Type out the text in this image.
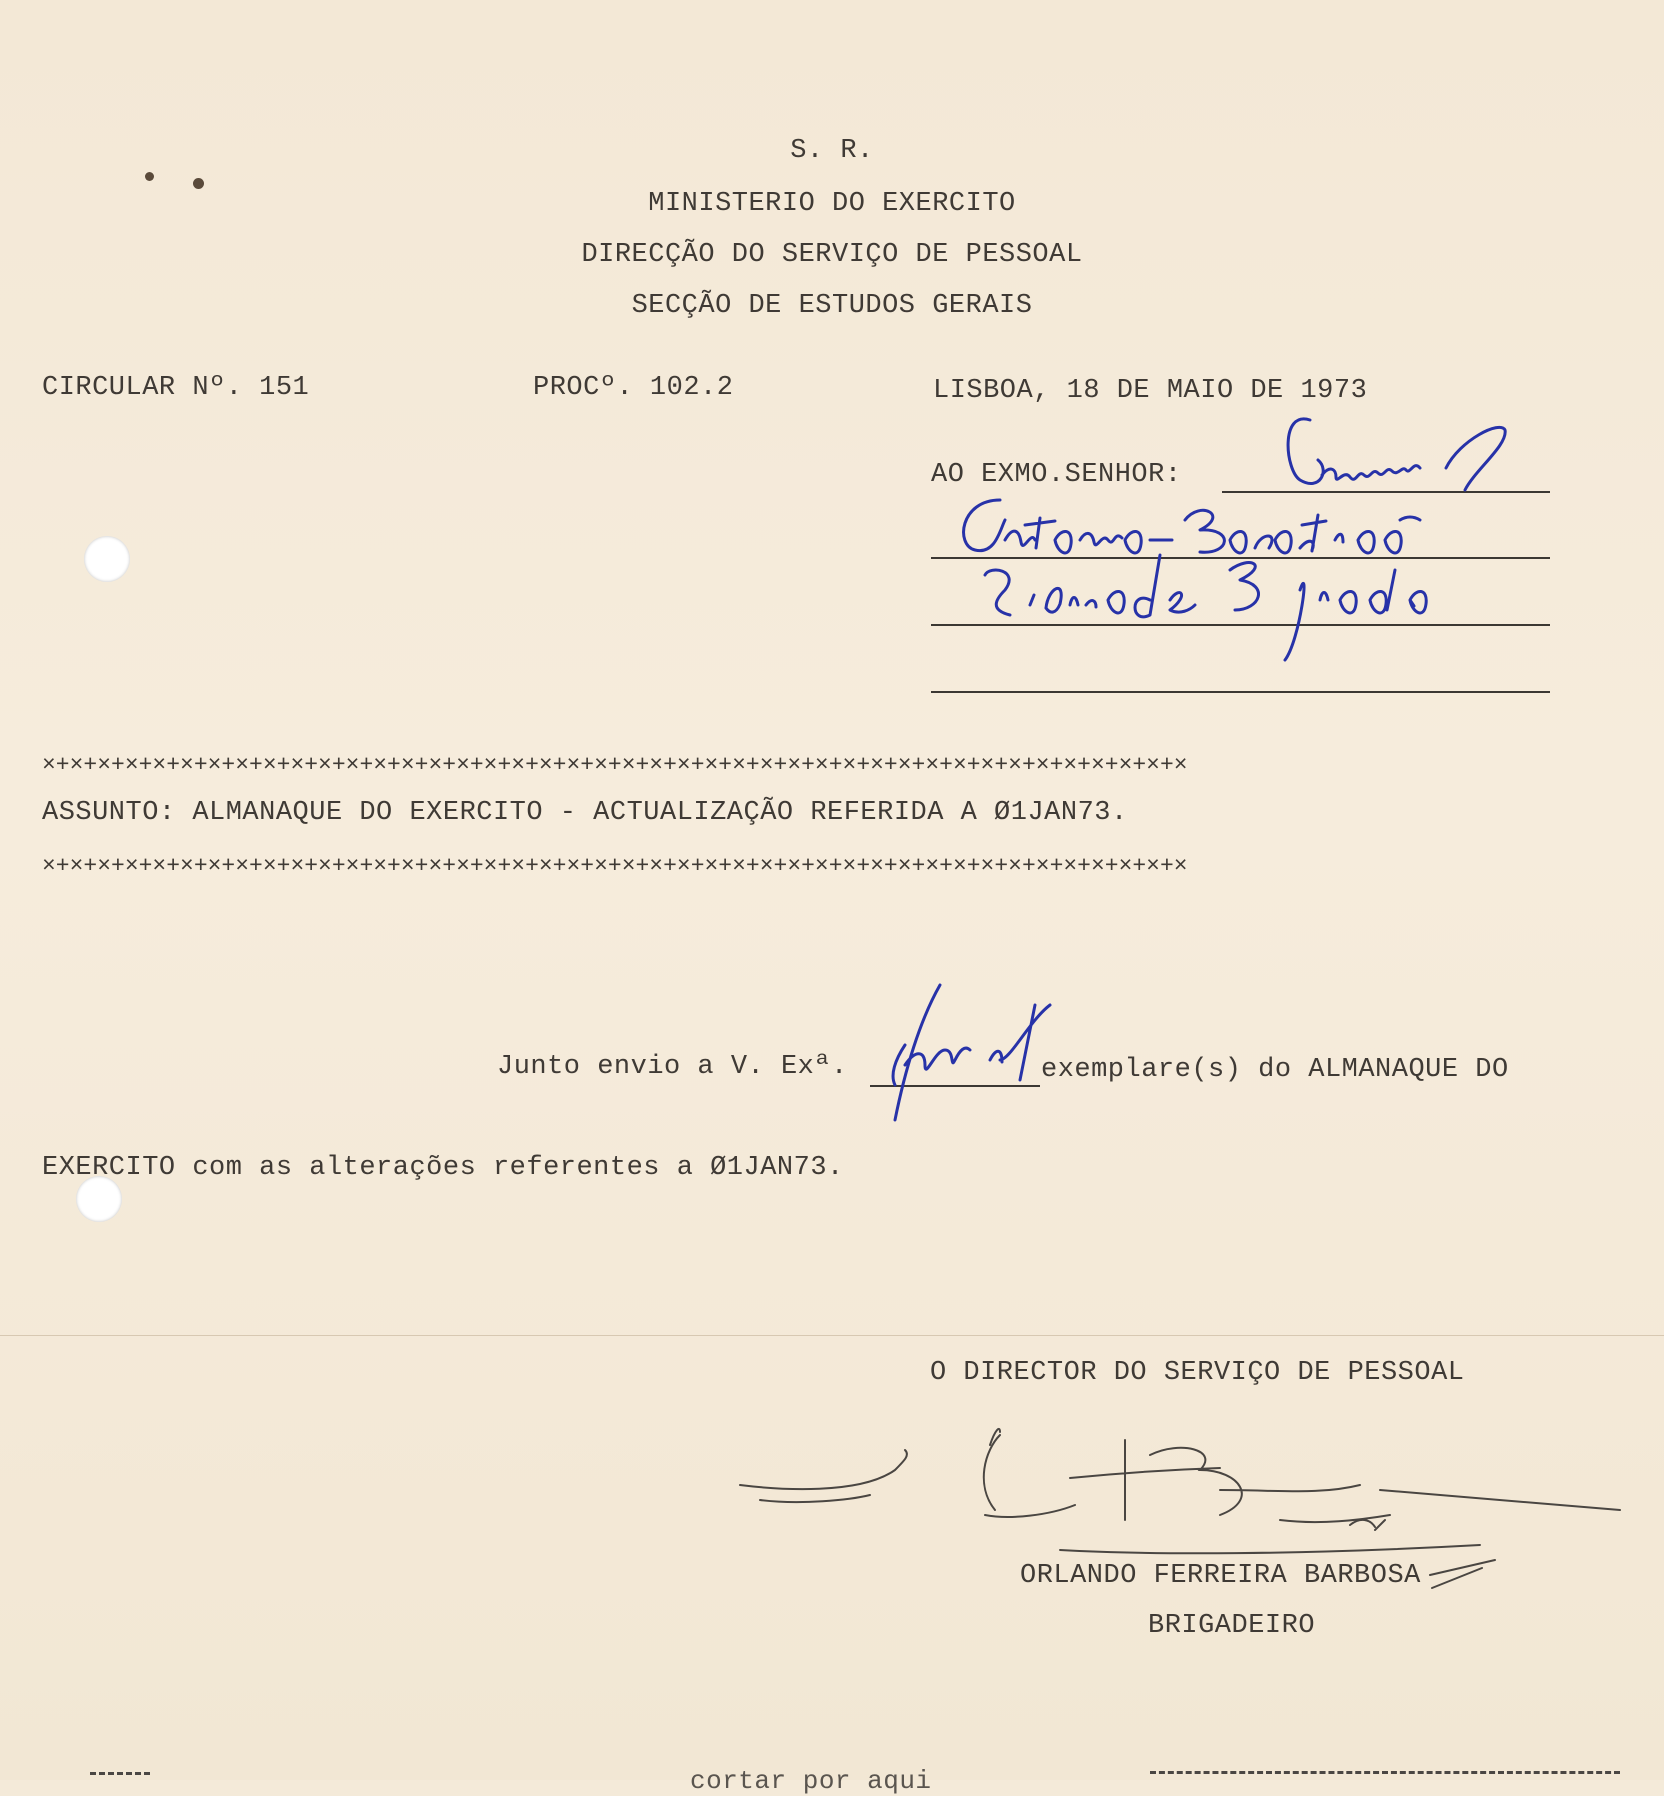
S. R.

MINISTERIO DO EXERCITO

DIRECÇÃO DO SERVIÇO DE PESSOAL

SECÇÃO DE ESTUDOS GERAIS

CIRCULAR Nº. 151	PROCº. 102.2	LISBOA, 18 DE MAIO DE 1973

AO EXMO.SENHOR:

×+×+×+×+×+×+×+×+×+×+×+×+×+×+×+×+×+×+×+×+×+×+×+×+×+×+×+×+×+×+×+×+×+×+×+×+×+×+×+×+×+×

ASSUNTO: ALMANAQUE DO EXERCITO - ACTUALIZAÇÃO REFERIDA A Ø1JAN73.

×+×+×+×+×+×+×+×+×+×+×+×+×+×+×+×+×+×+×+×+×+×+×+×+×+×+×+×+×+×+×+×+×+×+×+×+×+×+×+×+×+×

Junto envio a V. Exª.	exemplare(s) do ALMANAQUE DO

EXERCITO com as alterações referentes a Ø1JAN73.

O DIRECTOR DO SERVIÇO DE PESSOAL

ORLANDO FERREIRA BARBOSA

BRIGADEIRO

cortar por aqui
